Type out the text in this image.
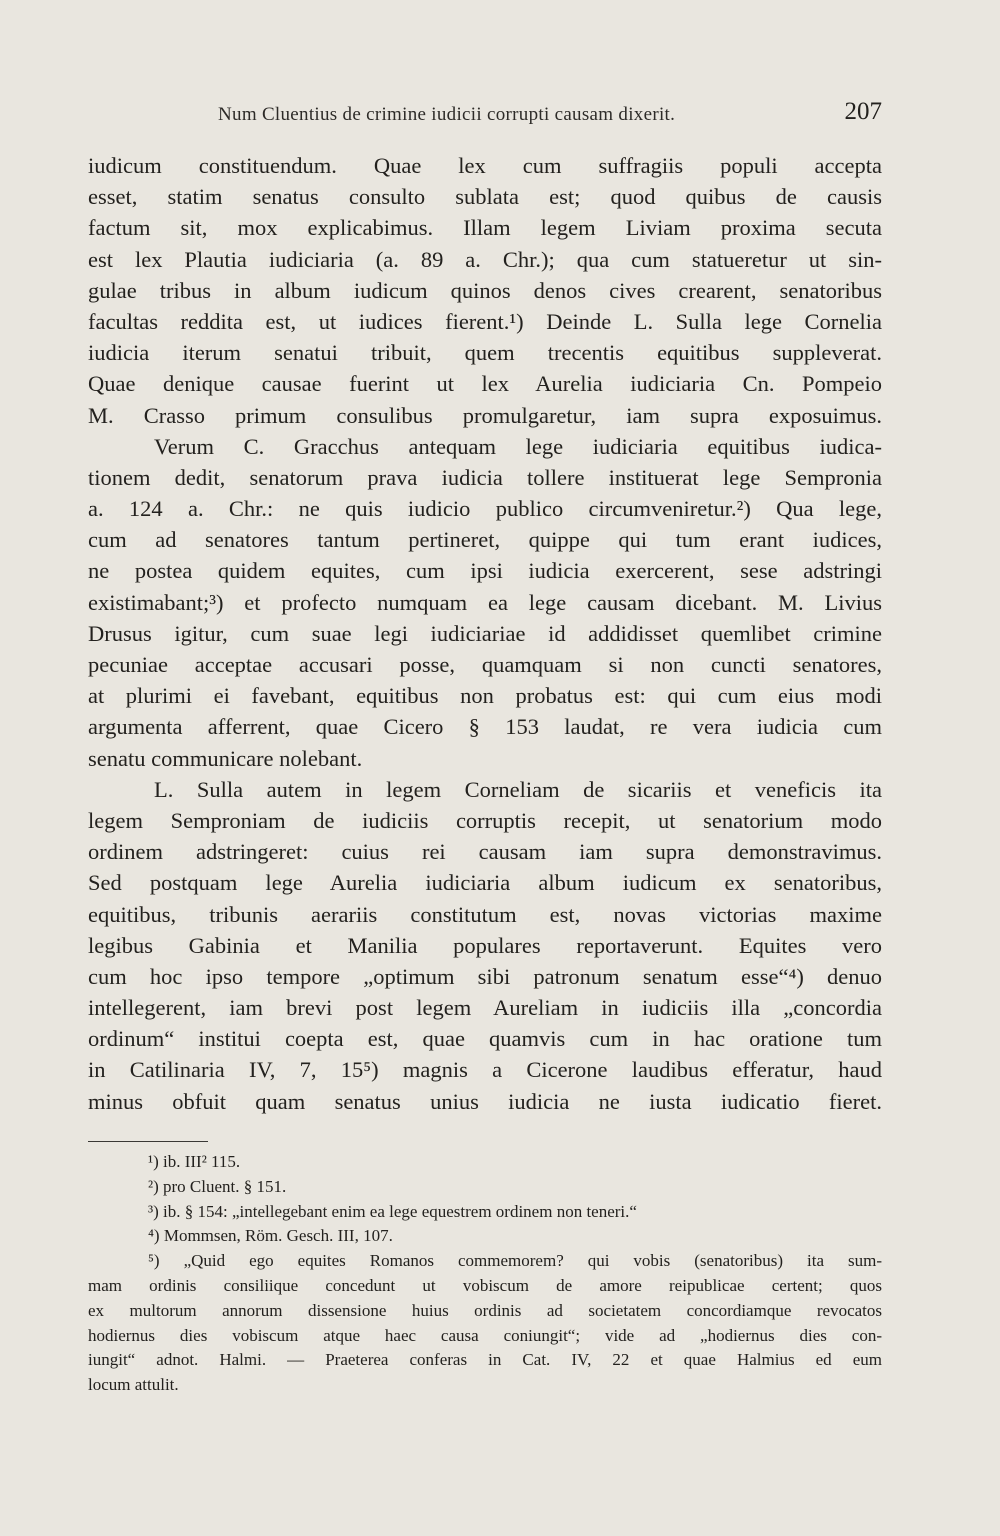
Num Cluentius de crimine iudicii corrupti causam dixerit.	207
iudicum constituendum. Quae lex cum suffragiis populi accepta
esset, statim senatus consulto sublata est; quod quibus de causis
factum sit, mox explicabimus. Illam legem Liviam proxima secuta
est lex Plautia iudiciaria (a. 89 a. Chr.); qua cum statueretur ut sin-
gulae tribus in album iudicum quinos denos cives crearent, senatoribus
facultas reddita est, ut iudices fierent.¹) Deinde L. Sulla lege Cornelia
iudicia iterum senatui tribuit, quem trecentis equitibus suppleverat.
Quae denique causae fuerint ut lex Aurelia iudiciaria Cn. Pompeio
M. Crasso primum consulibus promulgaretur, iam supra exposuimus.
Verum C. Gracchus antequam lege iudiciaria equitibus iudica-
tionem dedit, senatorum prava iudicia tollere instituerat lege Sempronia
a. 124 a. Chr.: ne quis iudicio publico circumveniretur.²) Qua lege,
cum ad senatores tantum pertineret, quippe qui tum erant iudices,
ne postea quidem equites, cum ipsi iudicia exercerent, sese adstringi
existimabant;³) et profecto numquam ea lege causam dicebant. M. Livius
Drusus igitur, cum suae legi iudiciariae id addidisset quemlibet crimine
pecuniae acceptae accusari posse, quamquam si non cuncti senatores,
at plurimi ei favebant, equitibus non probatus est: qui cum eius modi
argumenta afferrent, quae Cicero § 153 laudat, re vera iudicia cum
senatu communicare nolebant.
L. Sulla autem in legem Corneliam de sicariis et veneficis ita
legem Semproniam de iudiciis corruptis recepit, ut senatorium modo
ordinem adstringeret: cuius rei causam iam supra demonstravimus.
Sed postquam lege Aurelia iudiciaria album iudicum ex senatoribus,
equitibus, tribunis aerariis constitutum est, novas victorias maxime
legibus Gabinia et Manilia populares reportaverunt. Equites vero
cum hoc ipso tempore „optimum sibi patronum senatum esse“⁴) denuo
intellegerent, iam brevi post legem Aureliam in iudiciis illa „concordia
ordinum“ institui coepta est, quae quamvis cum in hac oratione tum
in Catilinaria IV, 7, 15⁵) magnis a Cicerone laudibus efferatur, haud
minus obfuit quam senatus unius iudicia ne iusta iudicatio fieret.
¹) ib. III² 115.
²) pro Cluent. § 151.
³) ib. § 154: „intellegebant enim ea lege equestrem ordinem non teneri.“
⁴) Mommsen, Röm. Gesch. III, 107.
⁵) „Quid ego equites Romanos commemorem? qui vobis (senatoribus) ita sum-
mam ordinis consiliique concedunt ut vobiscum de amore reipublicae certent; quos
ex multorum annorum dissensione huius ordinis ad societatem concordiamque revocatos
hodiernus dies vobiscum atque haec causa coniungit“; vide ad „hodiernus dies con-
iungit“ adnot. Halmi. — Praeterea conferas in Cat. IV, 22 et quae Halmius ed eum
locum attulit.
